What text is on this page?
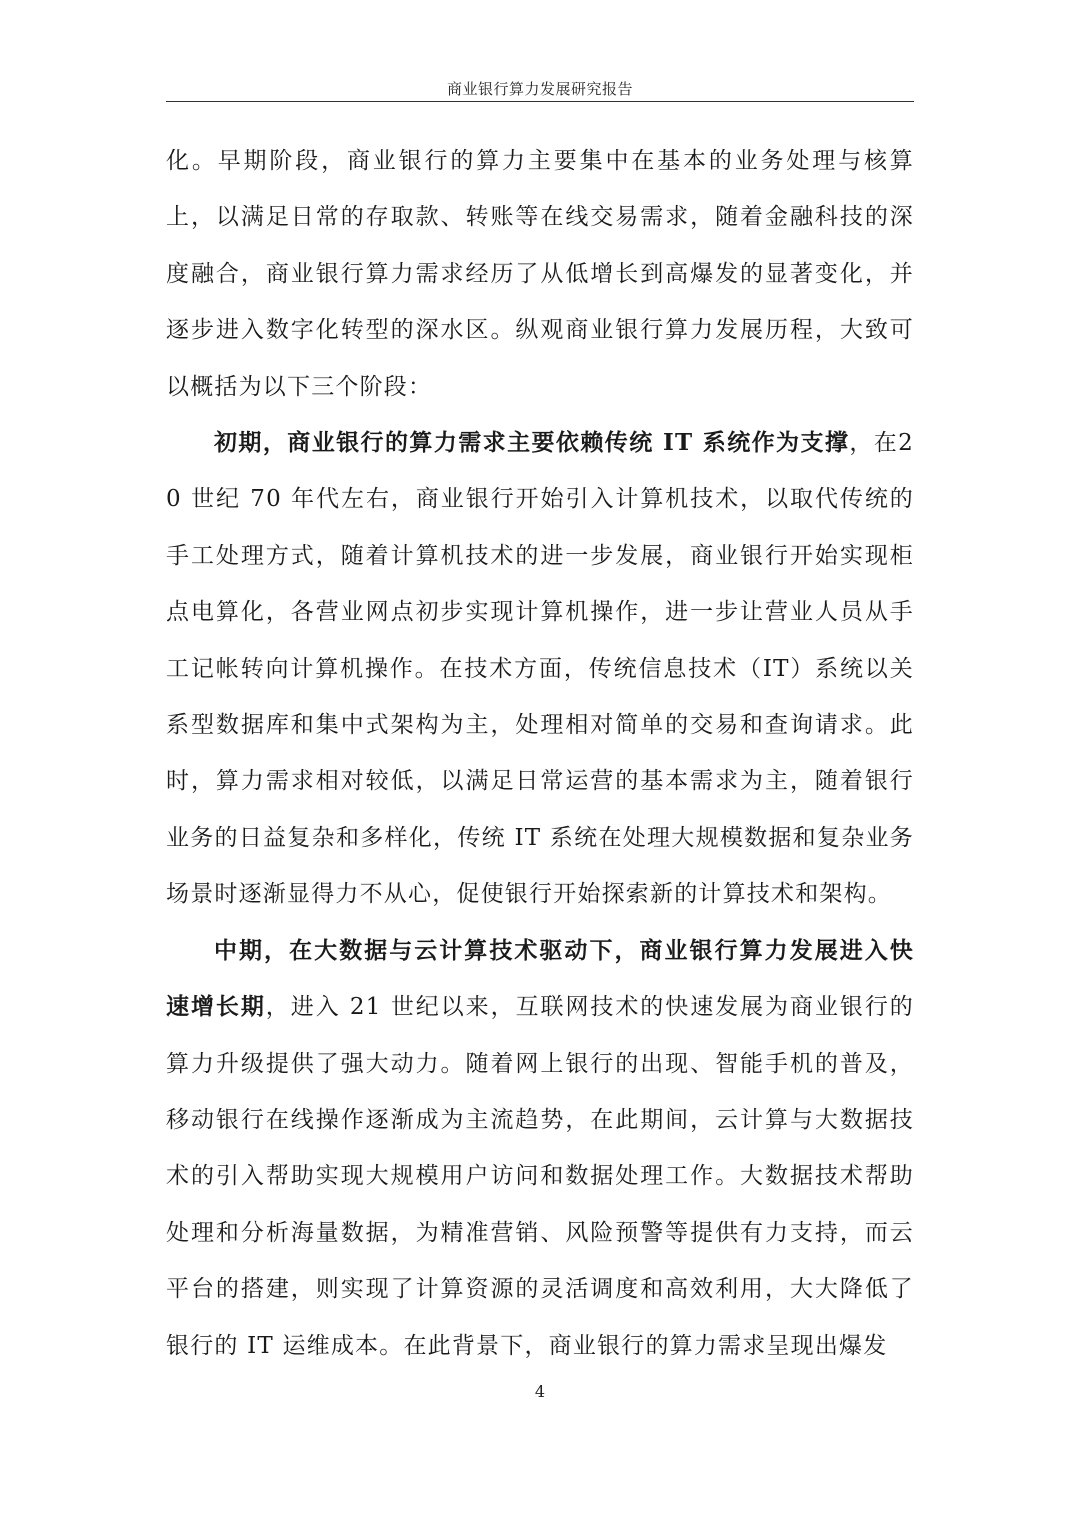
商业银行算力发展研究报告

化。早期阶段，商业银行的算力主要集中在基本的业务处理与核算上，以满足日常的存取款、转账等在线交易需求，随着金融科技的深度融合，商业银行算力需求经历了从低增长到高爆发的显著变化，并逐步进入数字化转型的深水区。纵观商业银行算力发展历程，大致可以概括为以下三个阶段：

初期，商业银行的算力需求主要依赖传统 IT 系统作为支撑，在20 世纪 70 年代左右，商业银行开始引入计算机技术，以取代传统的手工处理方式，随着计算机技术的进一步发展，商业银行开始实现柜点电算化，各营业网点初步实现计算机操作，进一步让营业人员从手工记帐转向计算机操作。在技术方面，传统信息技术（IT）系统以关系型数据库和集中式架构为主，处理相对简单的交易和查询请求。此时，算力需求相对较低，以满足日常运营的基本需求为主，随着银行业务的日益复杂和多样化，传统 IT 系统在处理大规模数据和复杂业务场景时逐渐显得力不从心，促使银行开始探索新的计算技术和架构。

中期，在大数据与云计算技术驱动下，商业银行算力发展进入快速增长期，进入 21 世纪以来，互联网技术的快速发展为商业银行的算力升级提供了强大动力。随着网上银行的出现、智能手机的普及，移动银行在线操作逐渐成为主流趋势，在此期间，云计算与大数据技术的引入帮助实现大规模用户访问和数据处理工作。大数据技术帮助处理和分析海量数据，为精准营销、风险预警等提供有力支持，而云平台的搭建，则实现了计算资源的灵活调度和高效利用，大大降低了银行的 IT 运维成本。在此背景下，商业银行的算力需求呈现出爆发

4
